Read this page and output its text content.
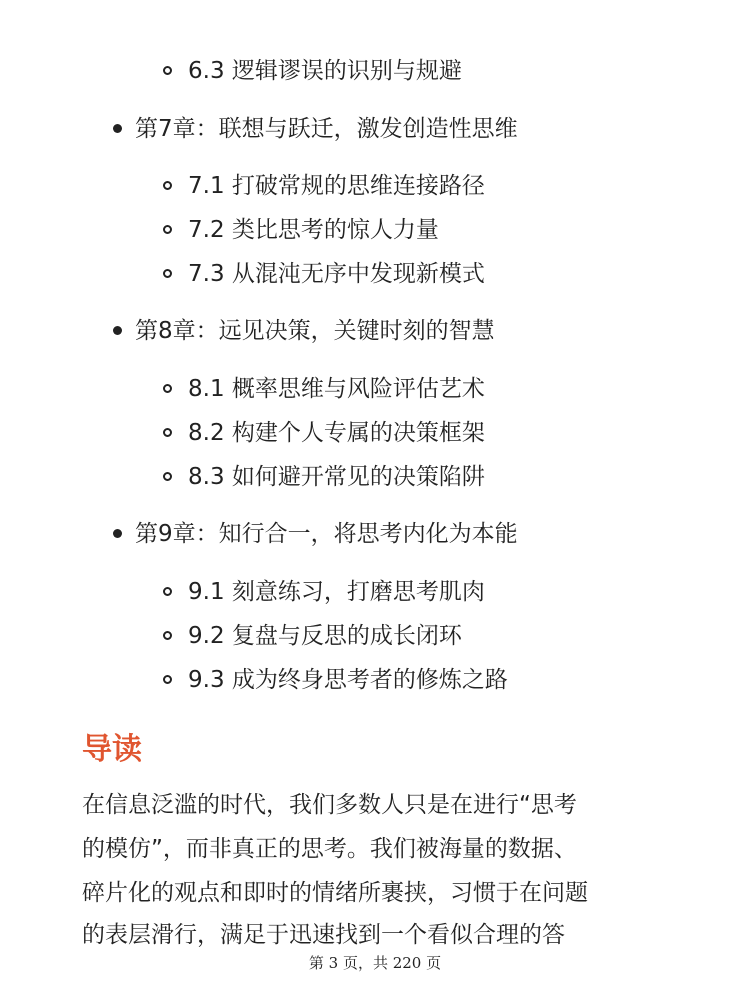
6.3 逻辑谬误的识别与规避
第7章：联想与跃迁，激发创造性思维
7.1 打破常规的思维连接路径
7.2 类比思考的惊人力量
7.3 从混沌无序中发现新模式
第8章：远见决策，关键时刻的智慧
8.1 概率思维与风险评估艺术
8.2 构建个人专属的决策框架
8.3 如何避开常见的决策陷阱
第9章：知行合一，将思考内化为本能
9.1 刻意练习，打磨思考肌肉
9.2 复盘与反思的成长闭环
9.3 成为终身思考者的修炼之路
导读
在信息泛滥的时代，我们多数人只是在进行“思考
的模仿”，而非真正的思考。我们被海量的数据、
碎片化的观点和即时的情绪所裹挟，习惯于在问题
的表层滑行，满足于迅速找到一个看似合理的答
第 3 页，共 220 页
